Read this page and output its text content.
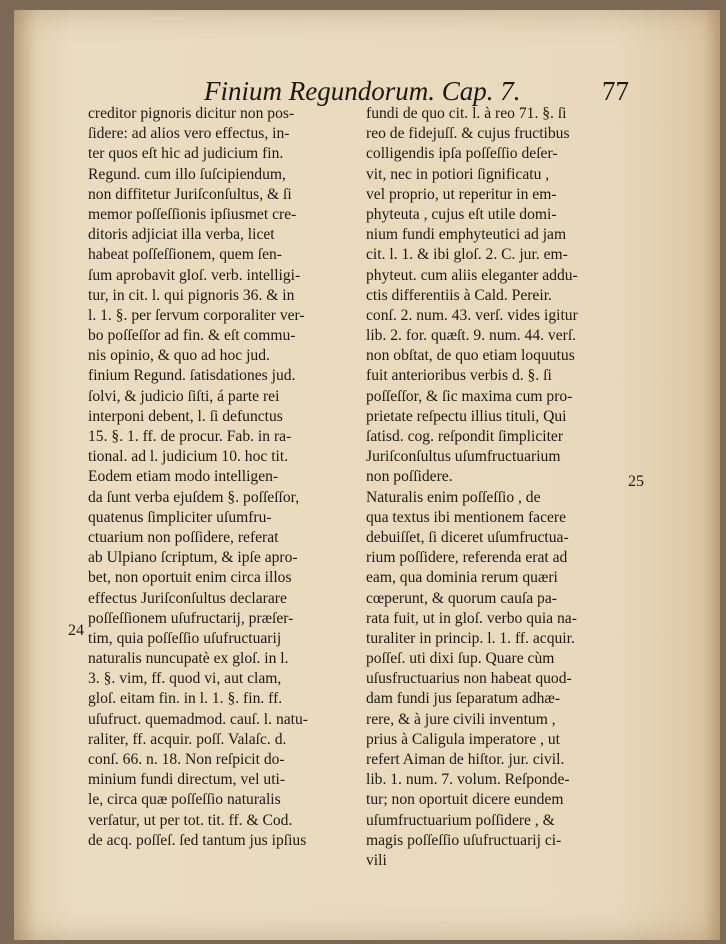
Finium Regundorum. Cap. 7.	77
creditor pignoris dicitur non pos-
ſidere: ad alios vero effectus, in-
ter quos eſt hic ad judicium fin.
Regund. cum illo ſuſcipiendum,
non diffitetur Juriſconſultus, & ſi
memor poſſeſſionis ipſiusmet cre-
ditoris adjiciat illa verba, licet
habeat poſſeſſionem, quem ſen-
ſum aprobavit gloſ. verb. intelligi-
tur, in cit. l. qui pignoris 36. & in
l. 1. §. per ſervum corporaliter ver-
bo poſſeſſor ad fin. & eſt commu-
nis opinio, & quo ad hoc jud.
finium Regund. ſatisdationes jud.
ſolvi, & judicio ſiſti, á parte rei
interponi debent, l. ſi defunctus
15. §. 1. ff. de procur. Fab. in ra-
tional. ad l. judicium 10. hoc tit.
Eodem etiam modo intelligen-
da ſunt verba ejuſdem §. poſſeſſor,
quatenus ſimpliciter uſumfru-
ctuarium non poſſidere, referat
ab Ulpiano ſcriptum, & ipſe apro-
bet, non oportuit enim circa illos
effectus Juriſconſultus declarare
poſſeſſionem uſufructarij, præſer-
tim, quia poſſeſſio uſufructuarij
naturalis nuncupatè ex gloſ. in l.
3. §. vim, ff. quod vi, aut clam,
gloſ. eitam fin. in l. 1. §. fin. ff.
uſufruct. quemadmod. cauſ. l. natu-
raliter, ff. acquir. poſſ. Valaſc. d.
conſ. 66. n. 18. Non reſpicit do-
minium fundi directum, vel uti-
le, circa quæ poſſeſſio naturalis
verſatur, ut per tot. tit. ff. & Cod.
de acq. poſſeſ. ſed tantum jus ipſius
fundi de quo cit. l. à reo 71. §. ſi
reo de fidejuſſ. & cujus fructibus
colligendis ipſa poſſeſſio deſer-
vit, nec in potiori ſignificatu ,
vel proprio, ut reperitur in em-
phyteuta , cujus eſt utile domi-
nium fundi emphyteutici ad jam
cit. l. 1. & ibi gloſ. 2. C. jur. em-
phyteut. cum aliis eleganter addu-
ctis differentiis à Cald. Pereir.
conſ. 2. num. 43. verſ. vides igitur
lib. 2. for. quæſt. 9. num. 44. verſ.
non obſtat, de quo etiam loquutus
fuit anterioribus verbis d. §. ſi
poſſeſſor, & ſic maxima cum pro-
prietate reſpectu illius tituli, Qui
ſatisd. cog. reſpondit ſimpliciter
Juriſconſultus uſumfructuarium
non poſſidere.
Naturalis enim poſſeſſio , de
qua textus ibi mentionem facere
debuiſſet, ſi diceret uſumfructua-
rium poſſidere, referenda erat ad
eam, qua dominia rerum quæri
cœperunt, & quorum cauſa pa-
rata fuit, ut in gloſ. verbo quia na-
turaliter in princip. l. 1. ff. acquir.
poſſeſ. uti dixi ſup. Quare cùm
uſusfructuarius non habeat quod-
dam fundi jus ſeparatum adhæ-
rere, & à jure civili inventum ,
prius à Caligula imperatore , ut
refert Aiman de hiſtor. jur. civil.
lib. 1. num. 7. volum. Reſponde-
tur; non oportuit dicere eundem
uſumfructuarium poſſidere , &
magis poſſeſſio uſufructuarij ci-
vili
24
25
